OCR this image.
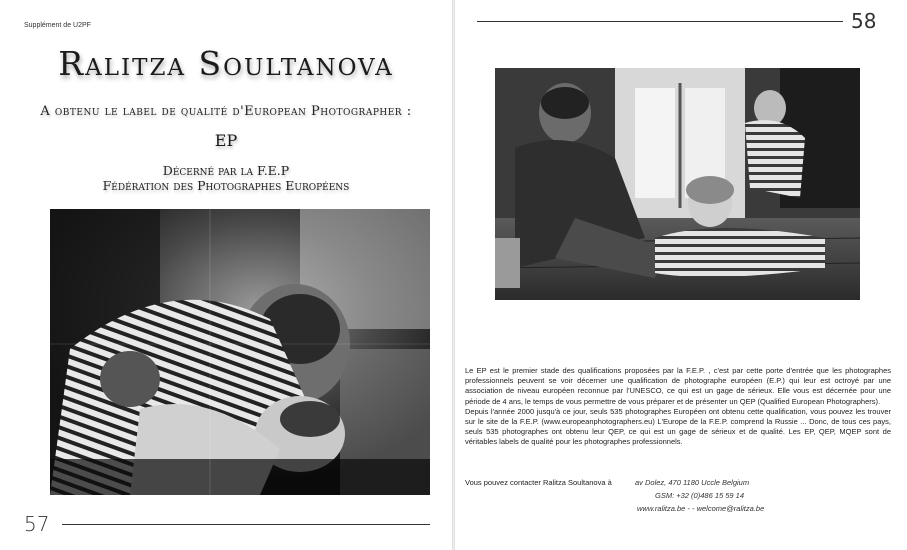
Supplément de U2PF
Ralitza Soultanova
A obtenu le label de qualité d'European Photographer :
EP
Décerné par la F.E.P
Fédération des Photographes Européens
57
58

Le EP est le premier stade des qualifications proposées par la F.E.P. , c'est par cette porte d'entrée que les photographes professionnels peuvent se voir décerner une qualification de photographe européen (E.P.) qui leur est octroyé par une association de niveau européen reconnue par l'UNESCO, ce qui est un gage de sérieux. Elle vous est décernée pour une période de 4 ans, le temps de vous permettre de vous préparer et de présenter un QEP (Qualified European Photographers).

Depuis l'année 2000 jusqu'à ce jour, seuls 535 photographes Européen ont obtenu cette qualification, vous pouvez les trouver sur le site de la F.E.P. (www.europeanphotographers.eu) L'Europe de la F.E.P. comprend la Russie ... Donc, de tous ces pays, seuls 535 photographes ont obtenu leur QEP, ce qui est un gage de sérieux et de qualité. Les EP, QEP, MQEP sont de véritables labels de qualité pour les photographes professionnels.

Vous pouvez contacter Ralitza Soultanova à	av Dolez, 470 1180 Uccle Belgium
GSM: +32 (0)486 15 59 14
www.ralitza.be - - welcome@ralitza.be
